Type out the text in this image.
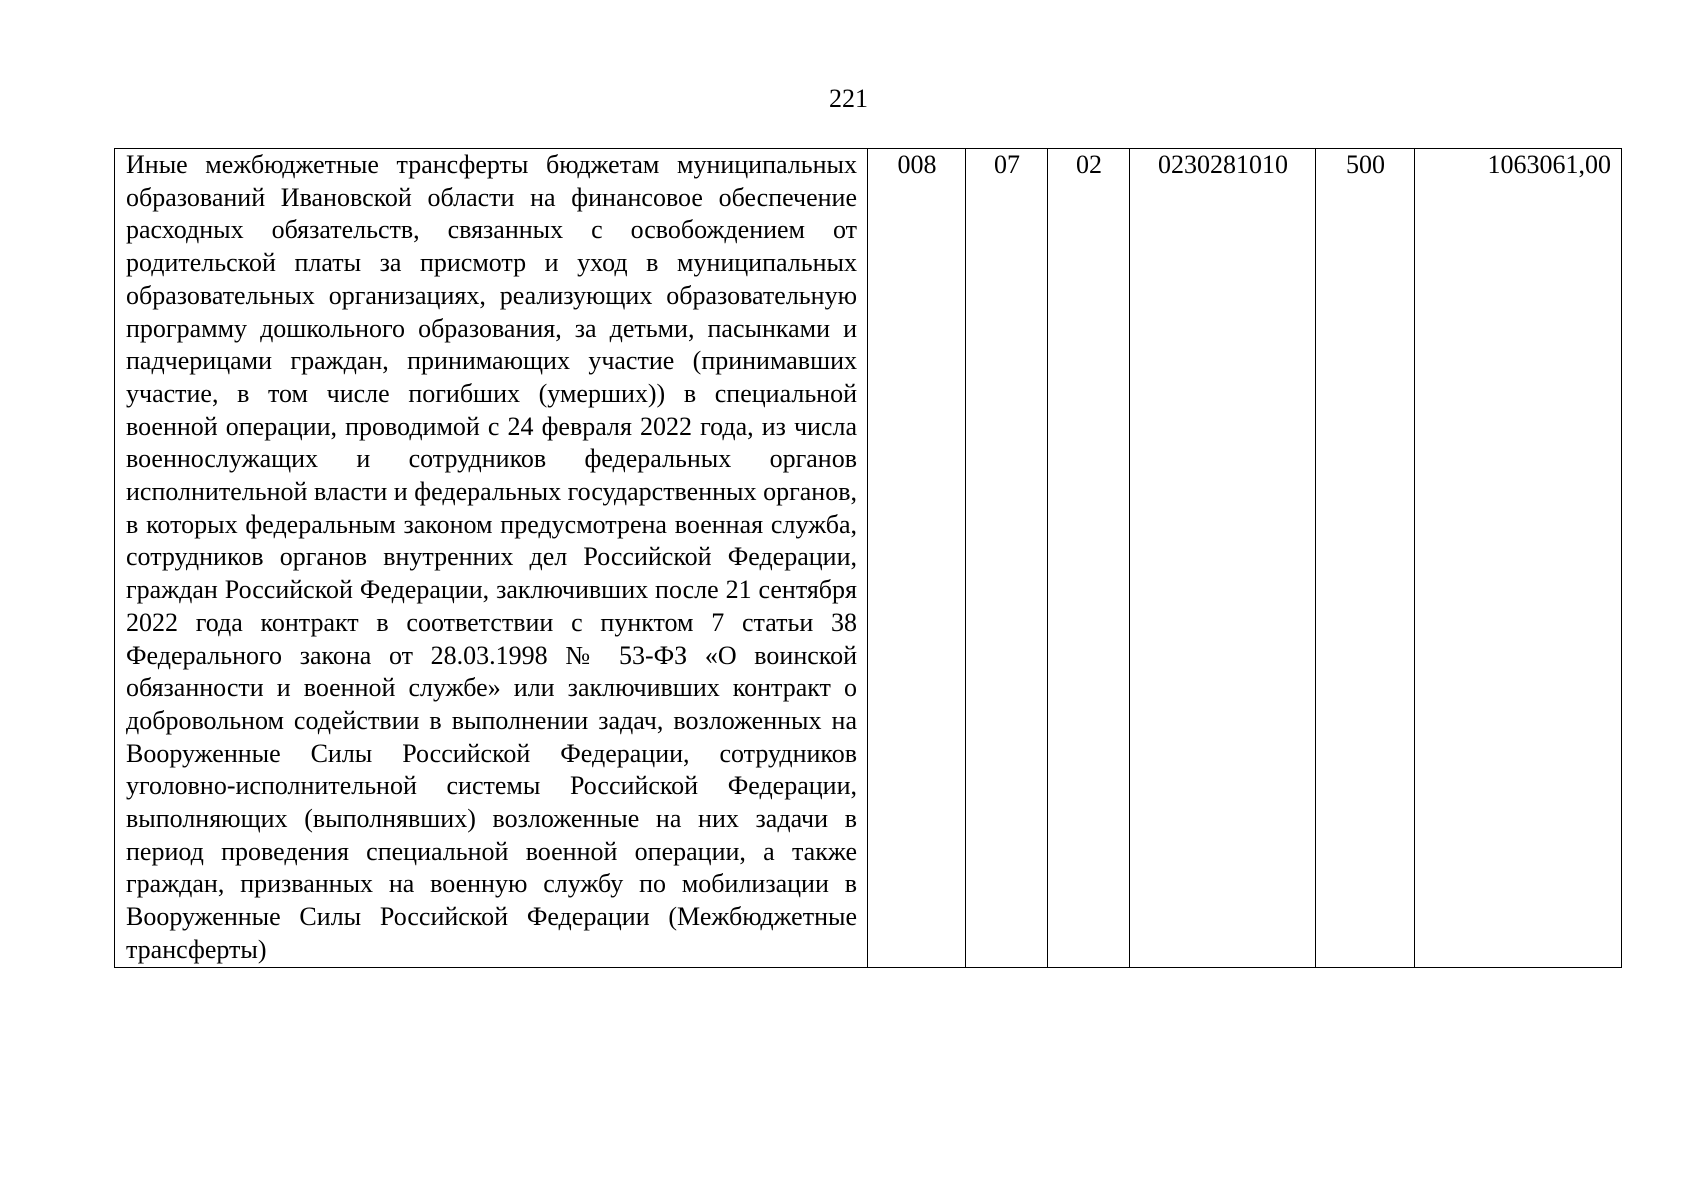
221
Иные межбюджетные трансферты бюджетам муниципальных образований Ивановской области на финансовое обеспечение расходных обязательств, связанных с освобождением от родительской платы за присмотр и уход в муниципальных образовательных организациях, реализующих образовательную программу дошкольного образования, за детьми, пасынками и падчерицами граждан, принимающих участие (принимавших участие, в том числе погибших (умерших)) в специальной военной операции, проводимой с 24 февраля 2022 года, из числа военнослужащих и сотрудников федеральных органов исполнительной власти и федеральных государственных органов, в которых федеральным законом предусмотрена военная служба, сотрудников органов внутренних дел Российской Федерации, граждан Российской Федерации, заключивших после 21 сентября 2022 года контракт в соответствии с пунктом 7 статьи 38 Федерального закона от 28.03.1998 № 53-ФЗ «О воинской обязанности и военной службе» или заключивших контракт о добровольном содействии в выполнении задач, возложенных на Вооруженные Силы Российской Федерации, сотрудников уголовно-исполнительной системы Российской Федерации, выполняющих (выполнявших) возложенные на них задачи в период проведения специальной военной операции, а также граждан, призванных на военную службу по мобилизации в Вооруженные Силы Российской Федерации (Межбюджетные трансферты)	008	07	02	0230281010	500	1063061,00
